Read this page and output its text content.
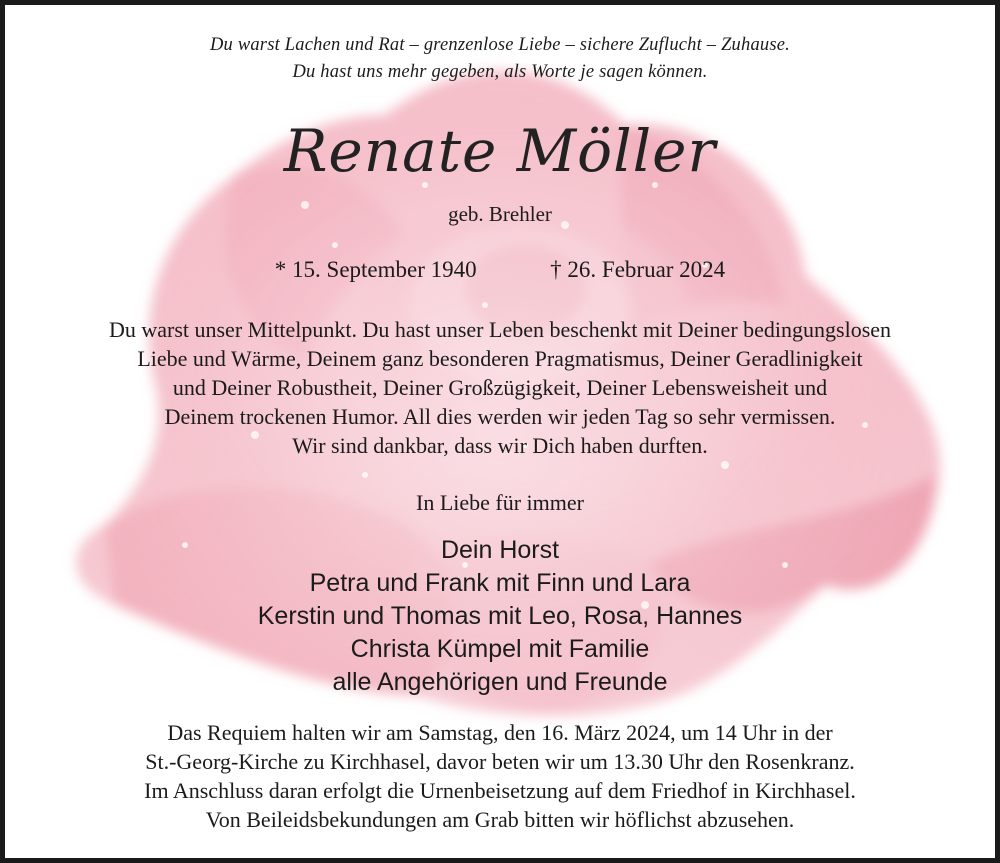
Du warst Lachen und Rat – grenzenlose Liebe – sichere Zuflucht – Zuhause.
Du hast uns mehr gegeben, als Worte je sagen können.
Renate Möller
geb. Brehler
* 15. September 1940	† 26. Februar 2024
Du warst unser Mittelpunkt. Du hast unser Leben beschenkt mit Deiner bedingungslosen
Liebe und Wärme, Deinem ganz besonderen Pragmatismus, Deiner Geradlinigkeit
und Deiner Robustheit, Deiner Großzügigkeit, Deiner Lebensweisheit und
Deinem trockenen Humor. All dies werden wir jeden Tag so sehr vermissen.
Wir sind dankbar, dass wir Dich haben durften.
In Liebe für immer
Dein Horst
Petra und Frank mit Finn und Lara
Kerstin und Thomas mit Leo, Rosa, Hannes
Christa Kümpel mit Familie
alle Angehörigen und Freunde
Das Requiem halten wir am Samstag, den 16. März 2024, um 14 Uhr in der
St.-Georg-Kirche zu Kirchhasel, davor beten wir um 13.30 Uhr den Rosenkranz.
Im Anschluss daran erfolgt die Urnenbeisetzung auf dem Friedhof in Kirchhasel.
Von Beileidsbekundungen am Grab bitten wir höflichst abzusehen.
